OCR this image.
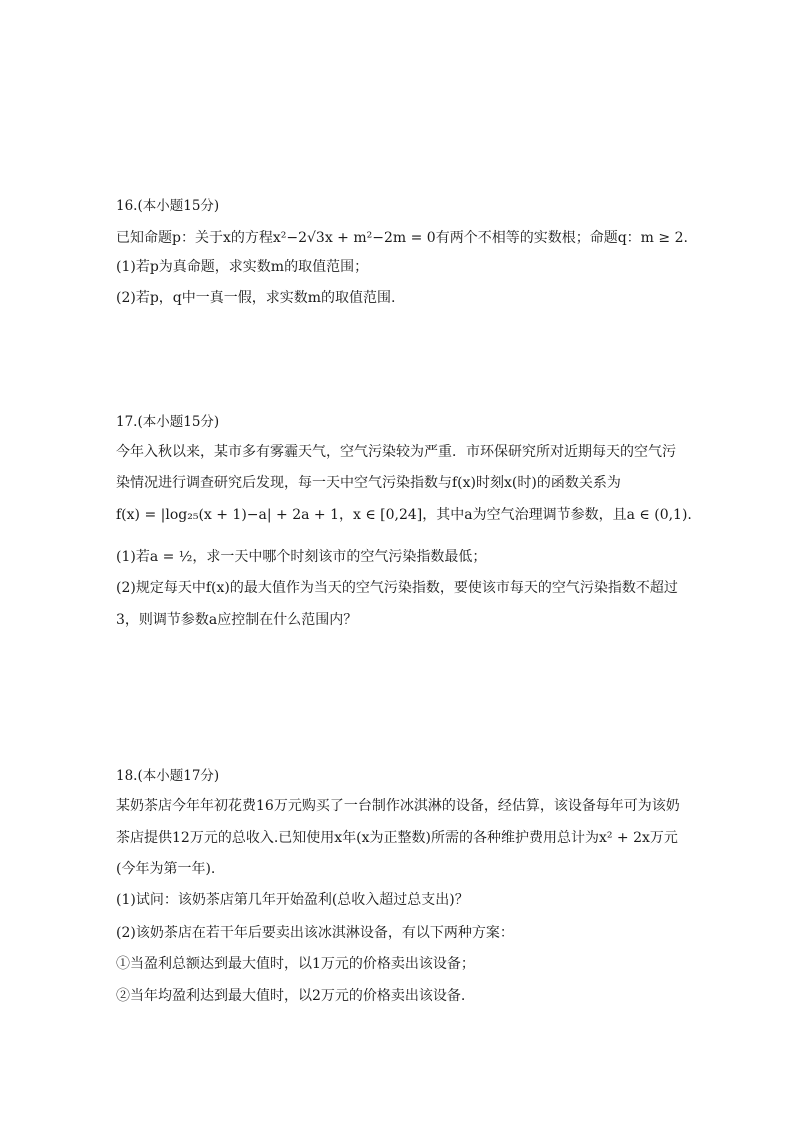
16.(本小题15分)
已知命题p：关于x的方程x²−2√3x + m²−2m = 0有两个不相等的实数根；命题q：m ≥ 2.
(1)若p为真命题，求实数m的取值范围；
(2)若p，q中一真一假，求实数m的取值范围.
17.(本小题15分)
今年入秋以来，某市多有雾霾天气，空气污染较为严重．市环保研究所对近期每天的空气污
染情况进行调查研究后发现，每一天中空气污染指数与f(x)时刻x(时)的函数关系为
f(x) = |log₂₅(x + 1)−a| + 2a + 1，x ∈ [0,24]，其中a为空气治理调节参数，且a ∈ (0,1).
(1)若a = ½，求一天中哪个时刻该市的空气污染指数最低；
(2)规定每天中f(x)的最大值作为当天的空气污染指数，要使该市每天的空气污染指数不超过
3，则调节参数a应控制在什么范围内？
18.(本小题17分)
某奶茶店今年年初花费16万元购买了一台制作冰淇淋的设备，经估算，该设备每年可为该奶
茶店提供12万元的总收入.已知使用x年(x为正整数)所需的各种维护费用总计为x² + 2x万元
(今年为第一年).
(1)试问：该奶茶店第几年开始盈利(总收入超过总支出)？
(2)该奶茶店在若干年后要卖出该冰淇淋设备，有以下两种方案：
①当盈利总额达到最大值时，以1万元的价格卖出该设备；
②当年均盈利达到最大值时，以2万元的价格卖出该设备.
